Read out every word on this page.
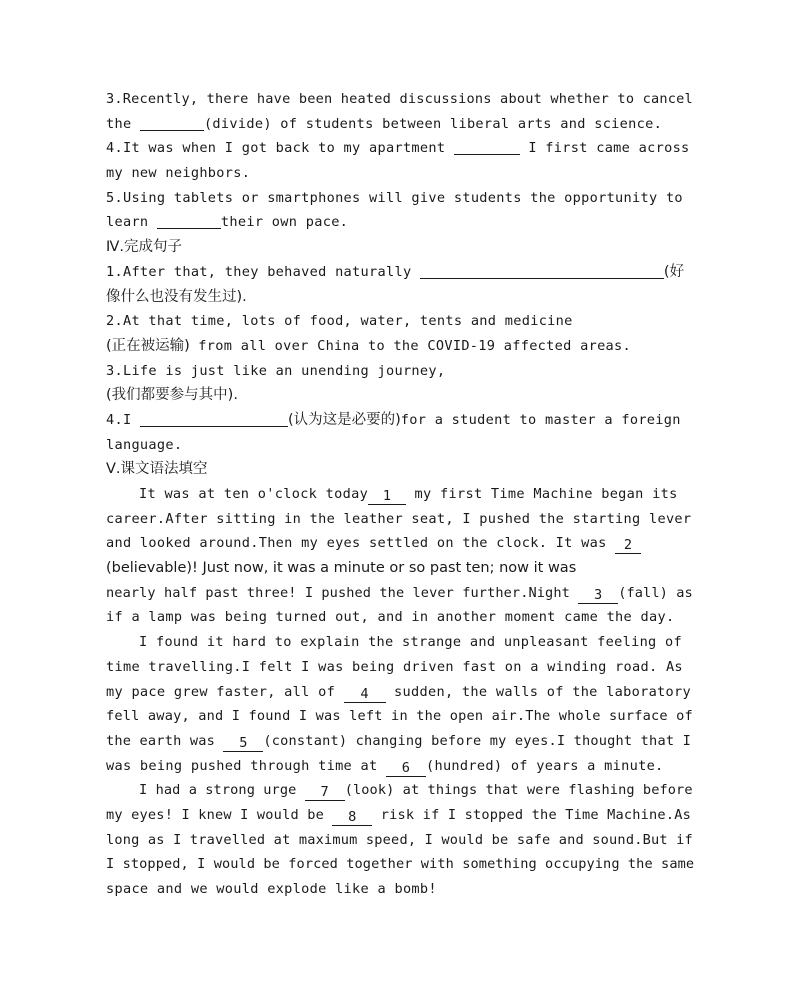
3.Recently, there have been heated discussions about whether to cancel
the	(divide) of students between liberal arts and science.
4.It was when I got back to my apartment	I first came across
my new neighbors.
5.Using tablets or smartphones will give students the opportunity to
learn	their own pace.
Ⅳ.完成句子
1.After that, they behaved naturally	(好
像什么也没有发生过).
2.At that time, lots of food, water, tents and medicine
(正在被运输) from all over China to the COVID-19 affected areas.
3.Life is just like an unending journey,
(我们都要参与其中).
4.I	(认为这是必要的)for a student to master a foreign
language.
Ⅴ.课文语法填空
It was at ten o'clock today 1 my first Time Machine began its
career.After sitting in the leather seat, I pushed the starting lever
and looked around.Then my eyes settled on the clock. It was 2
(believable)! Just now, it was a minute or so past ten; now it was
nearly half past three! I pushed the lever further.Night 3 (fall) as
if a lamp was being turned out, and in another moment came the day.
I found it hard to explain the strange and unpleasant feeling of
time travelling.I felt I was being driven fast on a winding road. As
my pace grew faster, all of 4 sudden, the walls of the laboratory
fell away, and I found I was left in the open air.The whole surface of
the earth was 5 (constant) changing before my eyes.I thought that I
was being pushed through time at 6 (hundred) of years a minute.
I had a strong urge 7 (look) at things that were flashing before
my eyes! I knew I would be 8 risk if I stopped the Time Machine.As
long as I travelled at maximum speed, I would be safe and sound.But if
I stopped, I would be forced together with something occupying the same
space and we would explode like a bomb!
